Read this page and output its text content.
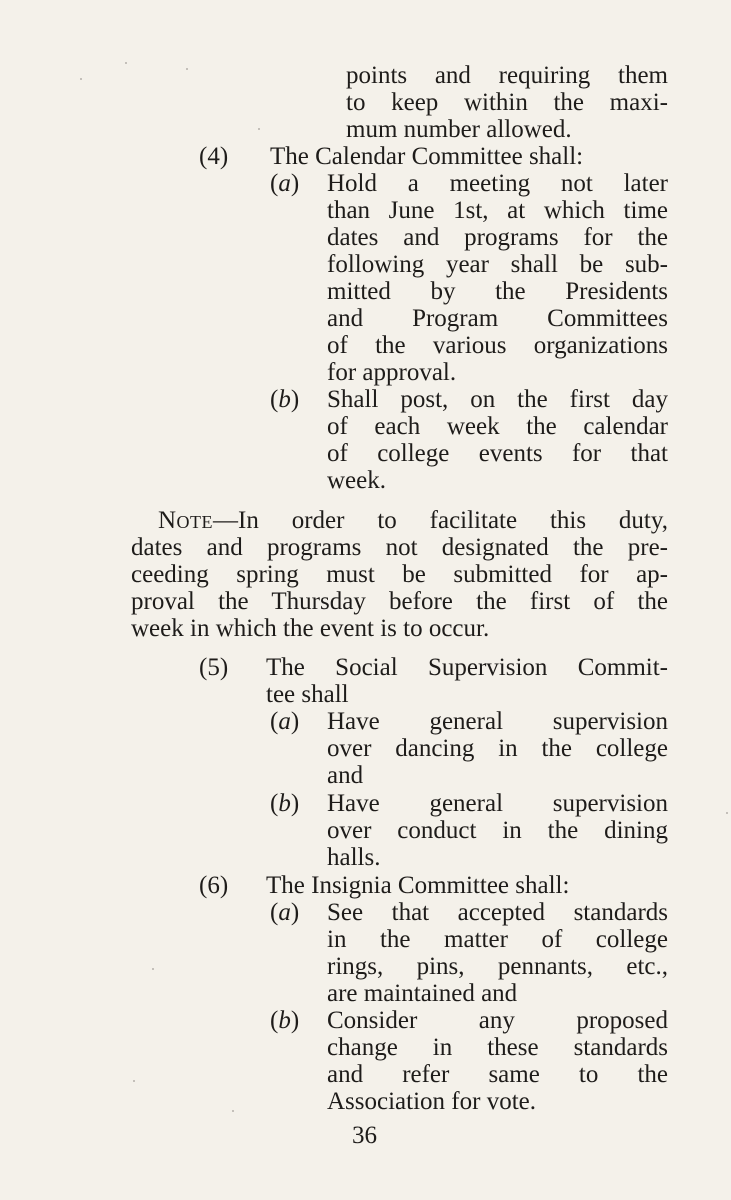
points and requiring them
to keep within the maxi-
mum number allowed.
(4) The Calendar Committee shall:
(a) Hold a meeting not later
than June 1st, at which time
dates and programs for the
following year shall be sub-
mitted by the Presidents
and Program Committees
of the various organizations
for approval.
(b) Shall post, on the first day
of each week the calendar
of college events for that
week.
Note—In order to facilitate this duty,
dates and programs not designated the pre-
ceeding spring must be submitted for ap-
proval the Thursday before the first of the
week in which the event is to occur.
(5) The Social Supervision Commit-
tee shall
(a) Have general supervision
over dancing in the college
and
(b) Have general supervision
over conduct in the dining
halls.
(6) The Insignia Committee shall:
(a) See that accepted standards
in the matter of college
rings, pins, pennants, etc.,
are maintained and
(b) Consider any proposed
change in these standards
and refer same to the
Association for vote.
36
